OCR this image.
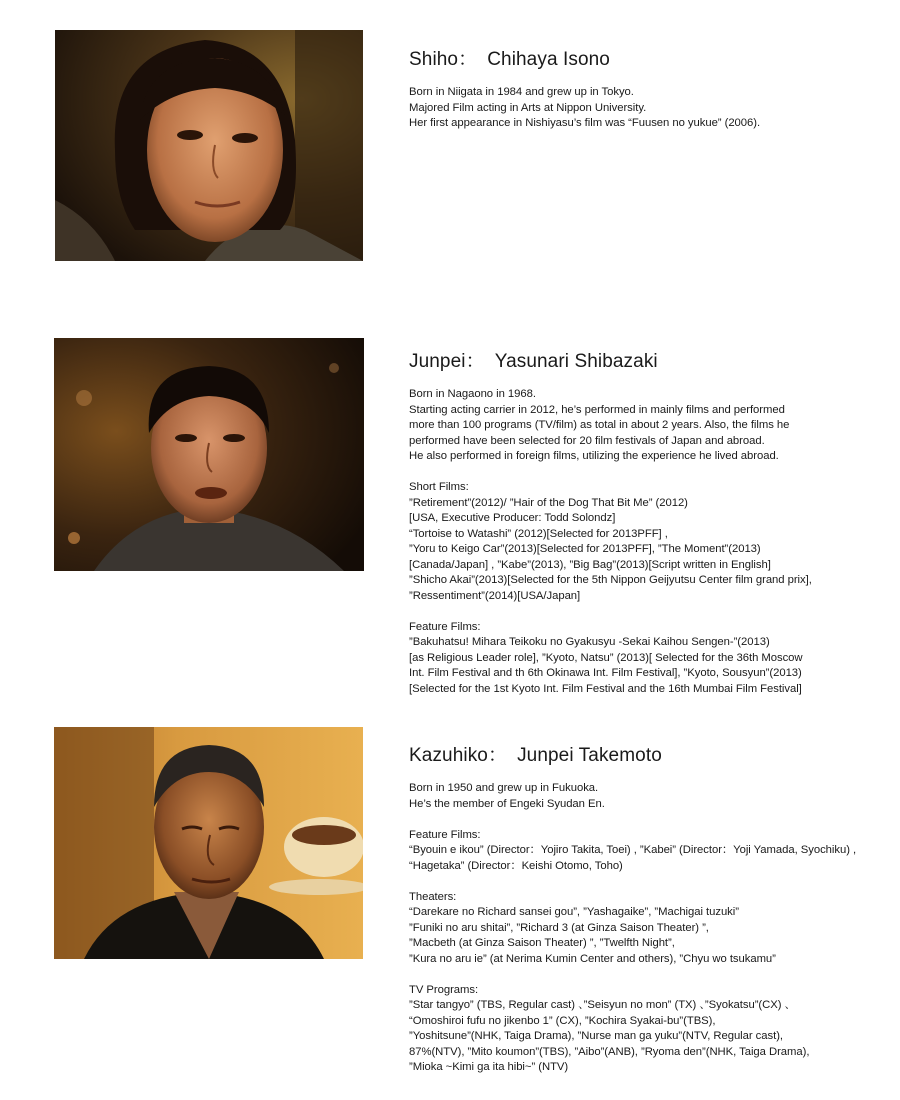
Shiho： Chihaya Isono
Born in Niigata in 1984 and grew up in Tokyo.
Majored Film acting in Arts at Nippon University.
Her first appearance in Nishiyasu’s film was “Fuusen no yukue” (2006).
Junpei： Yasunari Shibazaki
Born in Nagaono in 1968.
Starting acting carrier in 2012, he’s performed in mainly films and performed
more than 100 programs (TV/film) as total in about 2 years. Also, the films he
performed have been selected for 20 film festivals of Japan and abroad.
He also performed in foreign films, utilizing the experience he lived abroad.
Short Films:
”Retirement”(2012)/ ”Hair of the Dog That Bit Me” (2012)
[USA, Executive Producer: Todd Solondz]
“Tortoise to Watashi” (2012)[Selected for 2013PFF] ,
”Yoru to Keigo Car”(2013)[Selected for 2013PFF], ”The Moment”(2013)
[Canada/Japan] , ”Kabe”(2013), ”Big Bag”(2013)[Script written in English]
”Shicho Akai”(2013)[Selected for the 5th Nippon Geijyutsu Center film grand prix],
”Ressentiment”(2014)[USA/Japan]
Feature Films:
”Bakuhatsu! Mihara Teikoku no Gyakusyu -Sekai Kaihou Sengen-”(2013)
[as Religious Leader role], ”Kyoto, Natsu” (2013)[ Selected for the 36th Moscow
Int. Film Festival and th 6th Okinawa Int. Film Festival], ”Kyoto, Sousyun”(2013)
[Selected for the 1st Kyoto Int. Film Festival and the 16th Mumbai Film Festival]
Kazuhiko： Junpei Takemoto
Born in 1950 and grew up in Fukuoka.
He’s the member of Engeki Syudan En.
Feature Films:
“Byouin e ikou” (Director：Yojiro Takita, Toei) , ”Kabei” (Director：Yoji Yamada, Syochiku) ,
“Hagetaka” (Director：Keishi Otomo, Toho)
Theaters:
“Darekare no Richard sansei gou”, ”Yashagaike”, ”Machigai tuzuki”
”Funiki no aru shitai”, ”Richard 3 (at Ginza Saison Theater) ”,
”Macbeth (at Ginza Saison Theater) ”, ”Twelfth Night”,
”Kura no aru ie” (at Nerima Kumin Center and others), ”Chyu wo tsukamu”
TV Programs:
”Star tangyo” (TBS, Regular cast) 、”Seisyun no mon” (TX) 、”Syokatsu”(CX) 、
“Omoshiroi fufu no jikenbo 1” (CX), ”Kochira Syakai-bu”(TBS),
”Yoshitsune”(NHK, Taiga Drama), ”Nurse man ga yuku”(NTV, Regular cast),
87%(NTV), ”Mito koumon”(TBS), ”Aibo”(ANB), ”Ryoma den”(NHK, Taiga Drama),
”Mioka ~Kimi ga ita hibi~” (NTV)
